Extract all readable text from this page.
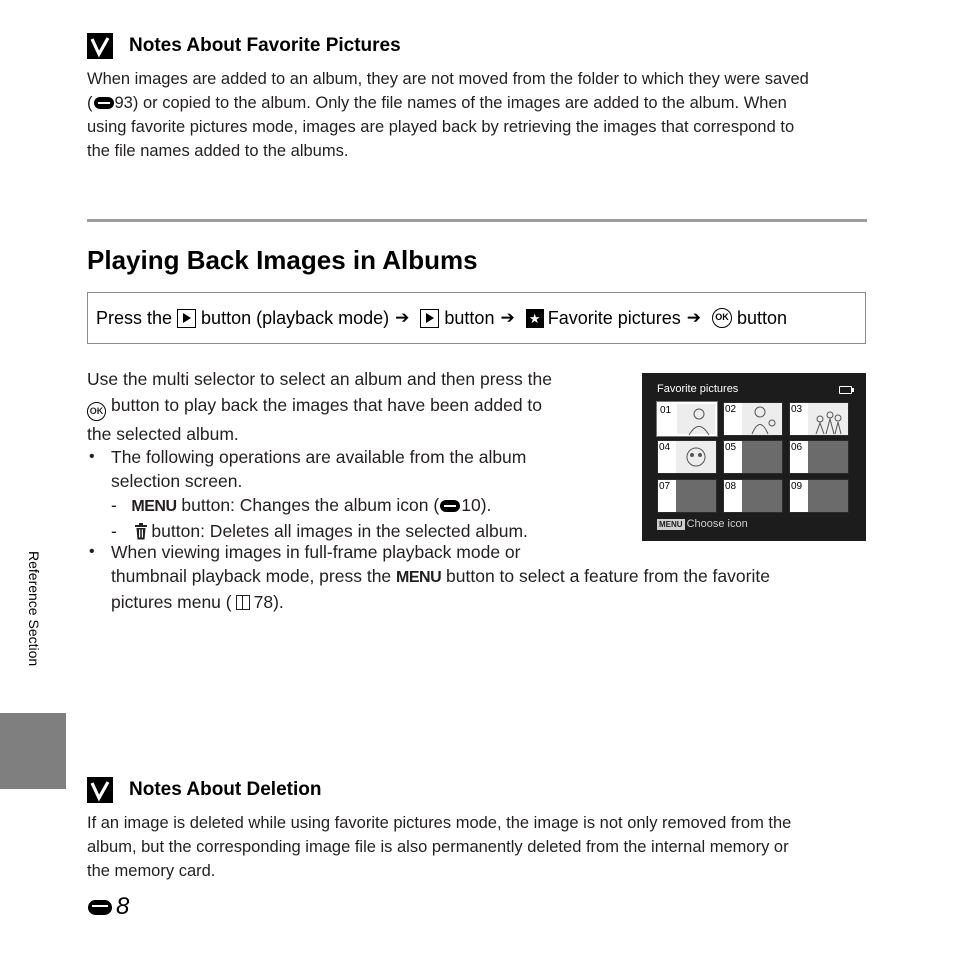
Notes About Favorite Pictures
When images are added to an album, they are not moved from the folder to which they were saved
( 93) or copied to the album. Only the file names of the images are added to the album. When
using favorite pictures mode, images are played back by retrieving the images that correspond to
the file names added to the albums.
Playing Back Images in Albums
Press the button (playback mode) ➔ button ➔ ★ Favorite pictures ➔	OK button
Use the multi selector to select an album and then press the
OK button to play back the images that have been added to
the selected album.
• The following operations are available from the album
selection screen.
-   MENU button: Changes the album icon ( 10).
-   button: Deletes all images in the selected album.
• When viewing images in full-frame playback mode or
thumbnail playback mode, press the MENU button to select a feature from the favorite
pictures menu ( 78).
Favorite pictures
01	02	03
04	05	06
07	08	09
MENU Choose icon
Reference Section
Notes About Deletion
If an image is deleted while using favorite pictures mode, the image is not only removed from the
album, but the corresponding image file is also permanently deleted from the internal memory or
the memory card.
8
